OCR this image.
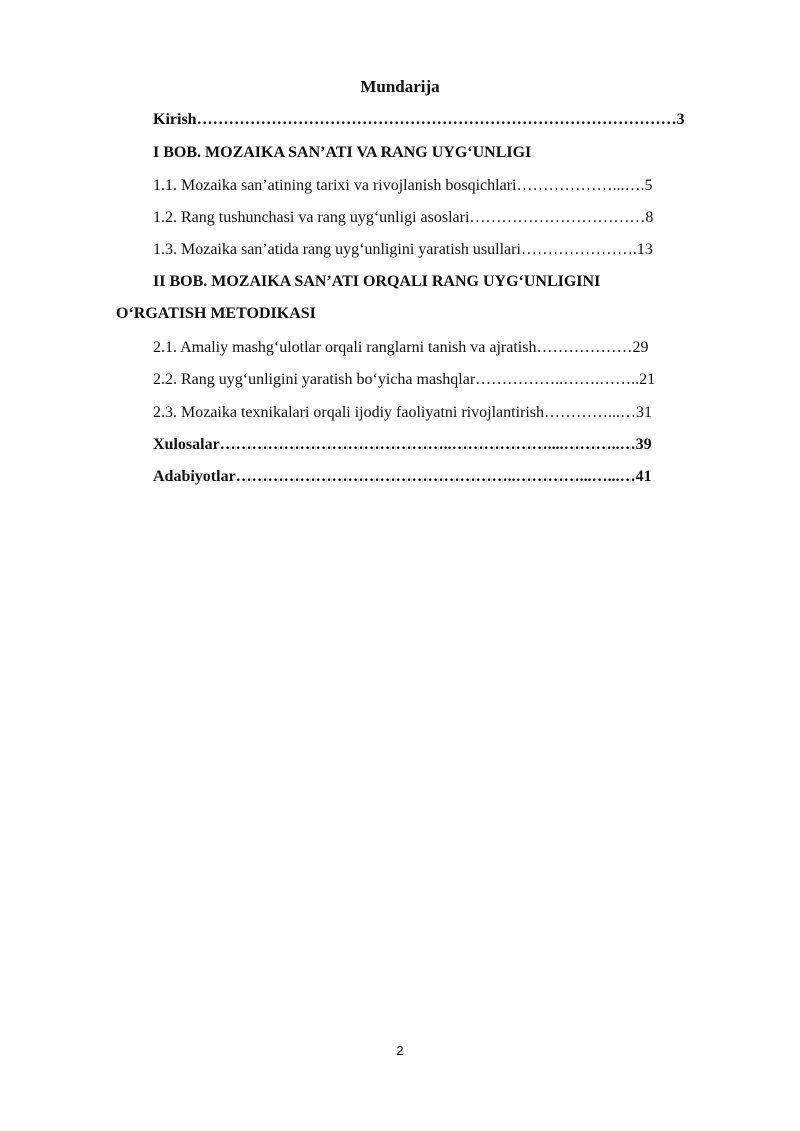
Mundarija
Kirish………………………………………………………………………………3
I BOB. MOZAIKA SAN’ATI VA RANG UYG‘UNLIGI
1.1. Mozaika san’atining tarixi va rivojlanish bosqichlari………………...….5
1.2. Rang tushunchasi va rang uyg‘unligi asoslari……………………………8
1.3. Mozaika san’atida rang uyg‘unligini yaratish usullari………………….13
II BOB. MOZAIKA SAN’ATI ORQALI RANG UYG‘UNLIGINI
O‘RGATISH METODIKASI
2.1. Amaliy mashg‘ulotlar orqali ranglarni tanish va ajratish………………29
2.2. Rang uyg‘unligini yaratish bo‘yicha mashqlar……………..…….……..21
2.3. Mozaika texnikalari orqali ijodiy faoliyatni rivojlantirish…………...…31
Xulosalar……………………………………..………………....………..…39
Adabiyotlar……………………………………………..…………...…...…41
2
